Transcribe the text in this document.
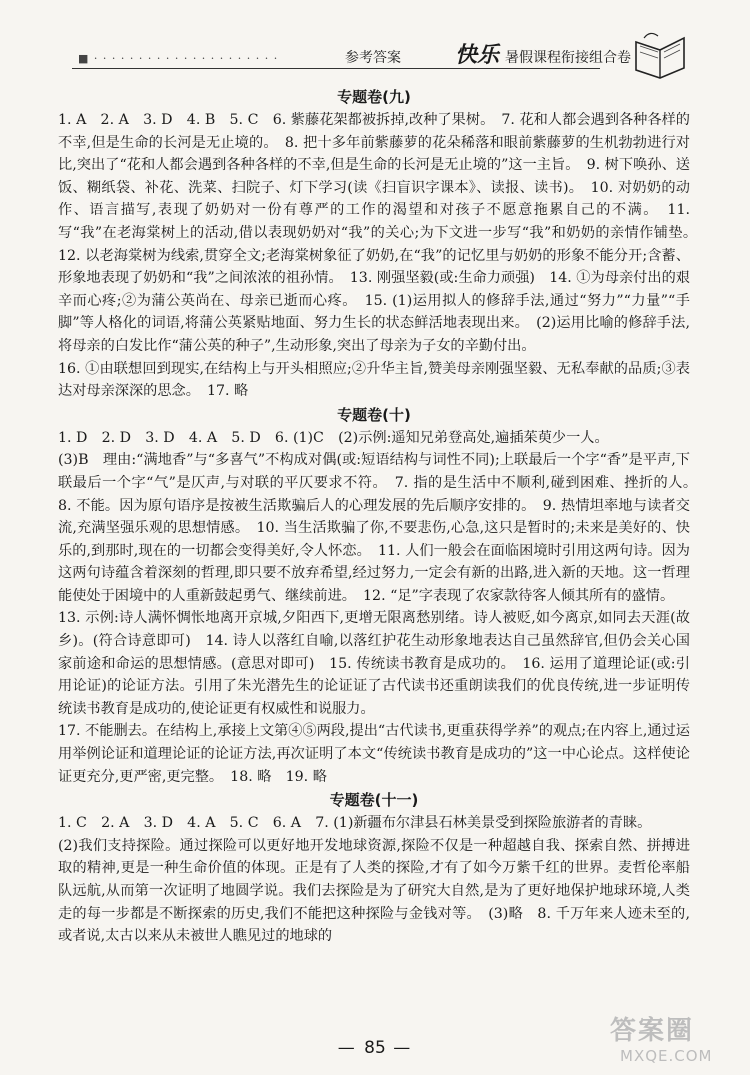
■ · · · · · · · · · · · · · · · · · · · · ·	参考答案 快乐 暑假课程衔接组合卷
专题卷(九)

1. A　2. A　3. D　4. B　5. C　6. 紫藤花架都被拆掉,改种了果树。　7. 花和人都会遇到各种各样的不幸,但是生命的长河是无止境的。　8. 把十多年前紫藤萝的花朵稀落和眼前紫藤萝的生机勃勃进行对比,突出了“花和人都会遇到各种各样的不幸,但是生命的长河是无止境的”这一主旨。　9. 树下唤孙、送饭、糊纸袋、补花、洗菜、扫院子、灯下学习(读《扫盲识字课本》、读报、读书)。　10. 对奶奶的动作、语言描写,表现了奶奶对一份有尊严的工作的渴望和对孩子不愿意拖累自己的不满。　11. 写“我”在老海棠树上的活动,借以表现奶奶对“我”的关心;为下文进一步写“我”和奶奶的亲情作铺垫。　12. 以老海棠树为线索,贯穿全文;老海棠树象征了奶奶,在“我”的记忆里与奶奶的形象不能分开;含蓄、形象地表现了奶奶和“我”之间浓浓的祖孙情。　13. 刚强坚毅(或:生命力顽强)　14. ①为母亲付出的艰辛而心疼;②为蒲公英尚在、母亲已逝而心疼。　15. (1)运用拟人的修辞手法,通过“努力”“力量”“手脚”等人格化的词语,将蒲公英紧贴地面、努力生长的状态鲜活地表现出来。　(2)运用比喻的修辞手法,将母亲的白发比作“蒲公英的种子”,生动形象,突出了母亲为子女的辛勤付出。
16. ①由联想回到现实,在结构上与开头相照应;②升华主旨,赞美母亲刚强坚毅、无私奉献的品质;③表达对母亲深深的思念。　17. 略

专题卷(十)

1. D　2. D　3. D　4. A　5. D　6. (1)C　(2)示例:遥知兄弟登高处,遍插茱萸少一人。
(3)B　理由:“满地香”与“多喜气”不构成对偶(或:短语结构与词性不同);上联最后一个字“香”是平声,下联最后一个字“气”是仄声,与对联的平仄要求不符。　7. 指的是生活中不顺利,碰到困难、挫折的人。　8. 不能。因为原句语序是按被生活欺骗后人的心理发展的先后顺序安排的。　9. 热情坦率地与读者交流,充满坚强乐观的思想情感。　10. 当生活欺骗了你,不要悲伤,心急,这只是暂时的;未来是美好的、快乐的,到那时,现在的一切都会变得美好,令人怀恋。　11. 人们一般会在面临困境时引用这两句诗。因为这两句诗蕴含着深刻的哲理,即只要不放弃希望,经过努力,一定会有新的出路,进入新的天地。这一哲理能使处于困境中的人重新鼓起勇气、继续前进。　12. “足”字表现了农家款待客人倾其所有的盛情。
13. 示例:诗人满怀惆怅地离开京城,夕阳西下,更增无限离愁别绪。诗人被贬,如今离京,如同去天涯(故乡)。(符合诗意即可)　14. 诗人以落红自喻,以落红护花生动形象地表达自己虽然辞官,但仍会关心国家前途和命运的思想情感。(意思对即可)　15. 传统读书教育是成功的。　16. 运用了道理论证(或:引用论证)的论证方法。引用了朱光潜先生的论证证了古代读书还重朗读我们的优良传统,进一步证明传统读书教育是成功的,使论证更有权威性和说服力。
17. 不能删去。在结构上,承接上文第④⑤两段,提出“古代读书,更重获得学养”的观点;在内容上,通过运用举例论证和道理论证的论证方法,再次证明了本文“传统读书教育是成功的”这一中心论点。这样使论证更充分,更严密,更完整。　18. 略　19. 略

专题卷(十一)

1. C　2. A　3. D　4. A　5. C　6. A　7. (1)新疆布尔津县石林美景受到探险旅游者的青睐。
(2)我们支持探险。通过探险可以更好地开发地球资源,探险不仅是一种超越自我、探索自然、拼搏进取的精神,更是一种生命价值的体现。正是有了人类的探险,才有了如今万紫千红的世界。麦哲伦率船队远航,从而第一次证明了地圆学说。我们去探险是为了研究大自然,是为了更好地保护地球环境,人类走的每一步都是不断探索的历史,我们不能把这种探险与金钱对等。　(3)略　8. 千万年来人迹未至的,或者说,太古以来从未被世人瞧见过的地球的

— 85 —
答案圈
MXQE.COM
